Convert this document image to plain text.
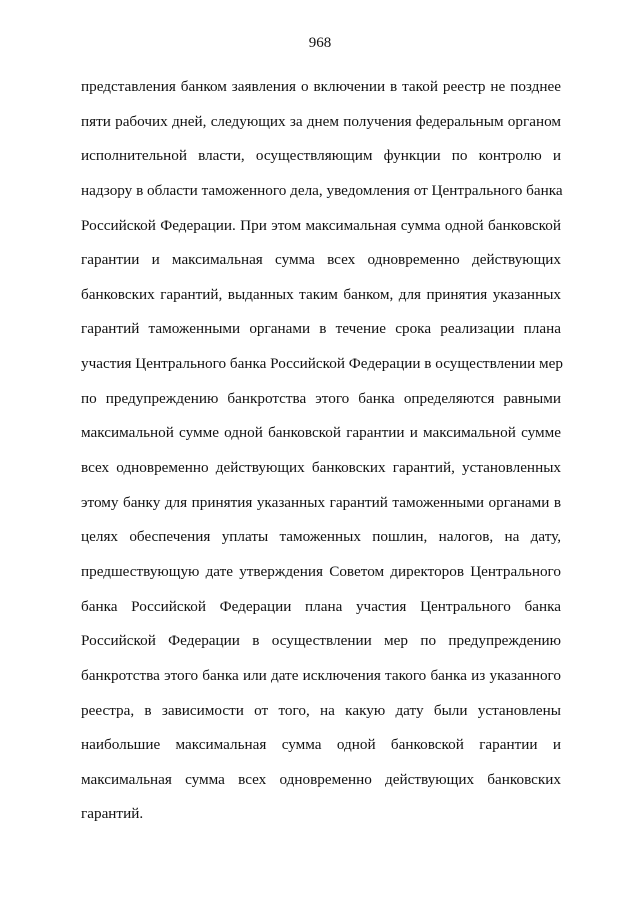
968
представления банком заявления о включении в такой реестр не позднее
пяти рабочих дней, следующих за днем получения федеральным органом
исполнительной власти, осуществляющим функции по контролю и
надзору в области таможенного дела, уведомления от Центрального банка
Российской Федерации. При этом максимальная сумма одной банковской
гарантии и максимальная сумма всех одновременно действующих
банковских гарантий, выданных таким банком, для принятия указанных
гарантий таможенными органами в течение срока реализации плана
участия Центрального банка Российской Федерации в осуществлении мер
по предупреждению банкротства этого банка определяются равными
максимальной сумме одной банковской гарантии и максимальной сумме
всех одновременно действующих банковских гарантий, установленных
этому банку для принятия указанных гарантий таможенными органами в
целях обеспечения уплаты таможенных пошлин, налогов, на дату,
предшествующую дате утверждения Советом директоров Центрального
банка Российской Федерации плана участия Центрального банка
Российской Федерации в осуществлении мер по предупреждению
банкротства этого банка или дате исключения такого банка из указанного
реестра, в зависимости от того, на какую дату были установлены
наибольшие максимальная сумма одной банковской гарантии и
максимальная сумма всех одновременно действующих банковских
гарантий.
